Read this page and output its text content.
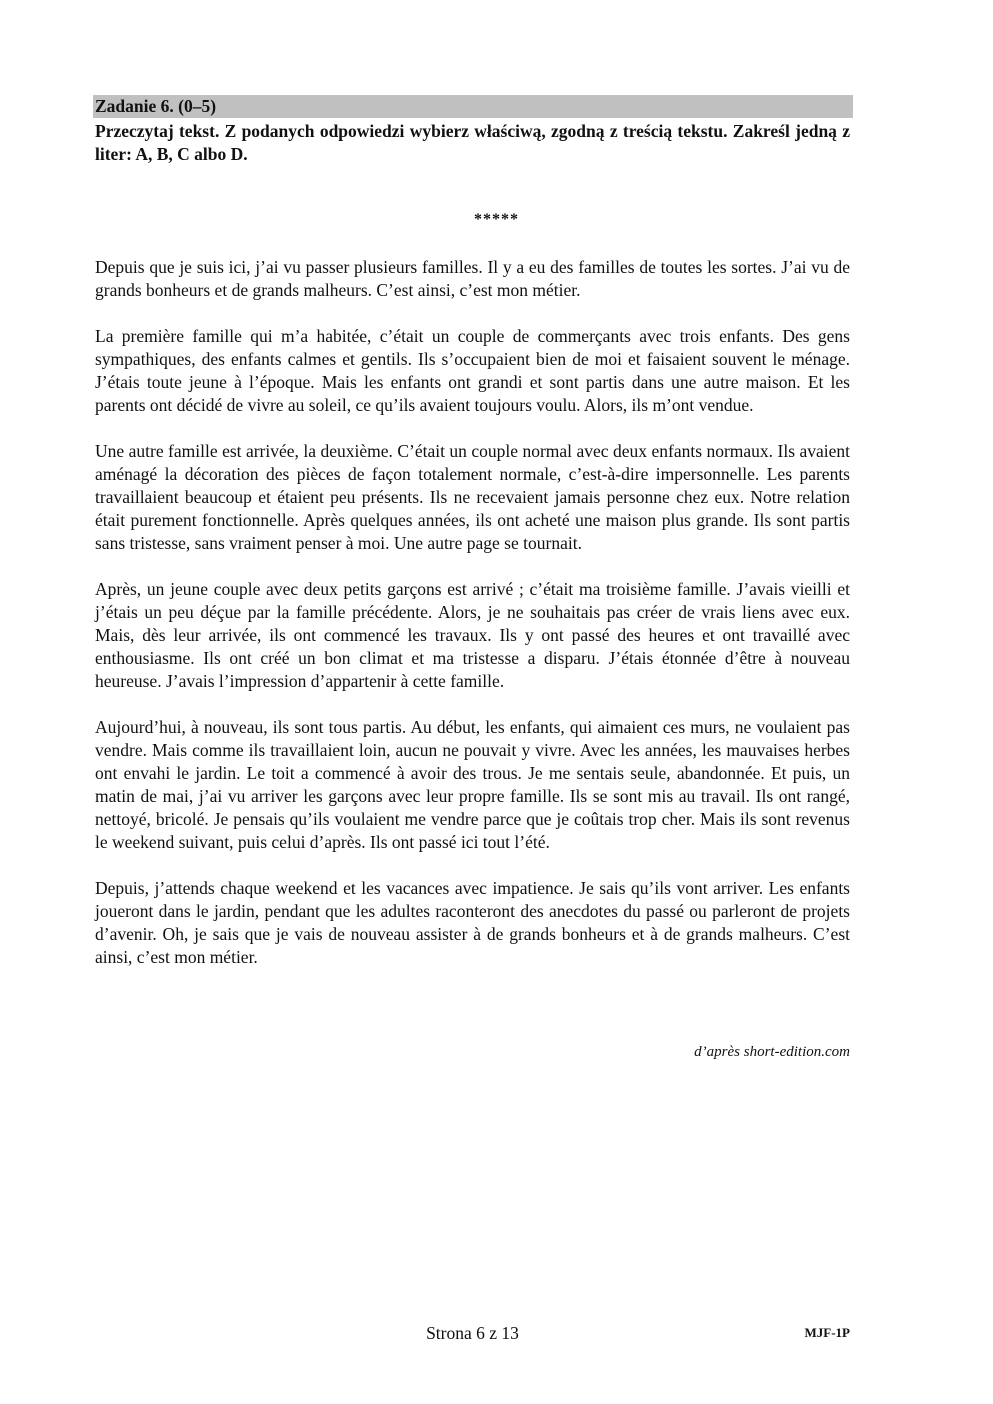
Zadanie 6. (0–5)
Przeczytaj tekst. Z podanych odpowiedzi wybierz właściwą, zgodną z treścią tekstu. Zakreśl jedną z liter: A, B, C albo D.
*****

Depuis que je suis ici, j’ai vu passer plusieurs familles. Il y a eu des familles de toutes les sortes. J’ai vu de grands bonheurs et de grands malheurs. C’est ainsi, c’est mon métier.

La première famille qui m’a habitée, c’était un couple de commerçants avec trois enfants. Des gens sympathiques, des enfants calmes et gentils. Ils s’occupaient bien de moi et faisaient souvent le ménage. J’étais toute jeune à l’époque. Mais les enfants ont grandi et sont partis dans une autre maison. Et les parents ont décidé de vivre au soleil, ce qu’ils avaient toujours voulu. Alors, ils m’ont vendue.

Une autre famille est arrivée, la deuxième. C’était un couple normal avec deux enfants normaux. Ils avaient aménagé la décoration des pièces de façon totalement normale, c’est-à-dire impersonnelle. Les parents travaillaient beaucoup et étaient peu présents. Ils ne recevaient jamais personne chez eux. Notre relation était purement fonctionnelle. Après quelques années, ils ont acheté une maison plus grande. Ils sont partis sans tristesse, sans vraiment penser à moi. Une autre page se tournait.

Après, un jeune couple avec deux petits garçons est arrivé ; c’était ma troisième famille. J’avais vieilli et j’étais un peu déçue par la famille précédente. Alors, je ne souhaitais pas créer de vrais liens avec eux. Mais, dès leur arrivée, ils ont commencé les travaux. Ils y ont passé des heures et ont travaillé avec enthousiasme. Ils ont créé un bon climat et ma tristesse a disparu. J’étais étonnée d’être à nouveau heureuse. J’avais l’impression d’appartenir à cette famille.

Aujourd’hui, à nouveau, ils sont tous partis. Au début, les enfants, qui aimaient ces murs, ne voulaient pas vendre. Mais comme ils travaillaient loin, aucun ne pouvait y vivre. Avec les années, les mauvaises herbes ont envahi le jardin. Le toit a commencé à avoir des trous. Je me sentais seule, abandonnée. Et puis, un matin de mai, j’ai vu arriver les garçons avec leur propre famille. Ils se sont mis au travail. Ils ont rangé, nettoyé, bricolé. Je pensais qu’ils voulaient me vendre parce que je coûtais trop cher. Mais ils sont revenus le weekend suivant, puis celui d’après. Ils ont passé ici tout l’été.

Depuis, j’attends chaque weekend et les vacances avec impatience. Je sais qu’ils vont arriver. Les enfants joueront dans le jardin, pendant que les adultes raconteront des anecdotes du passé ou parleront de projets d’avenir. Oh, je sais que je vais de nouveau assister à de grands bonheurs et à de grands malheurs. C’est ainsi, c’est mon métier.

d’après short-edition.com
Strona 6 z 13	MJF-1P
